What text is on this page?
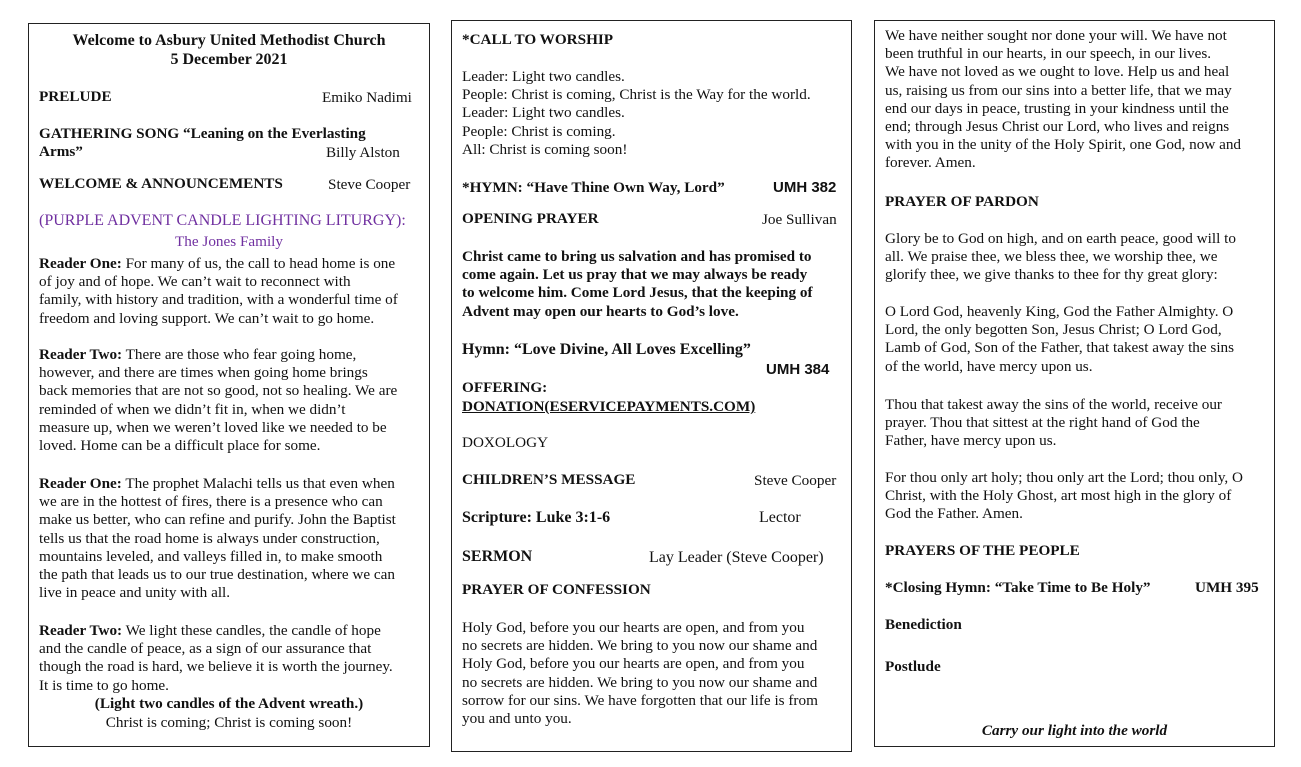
Welcome to Asbury United Methodist Church
5 December 2021
PRELUDE	Emiko Nadimi
GATHERING SONG “Leaning on the Everlasting
Arms”	Billy Alston
WELCOME & ANNOUNCEMENTS	Steve Cooper
(PURPLE ADVENT CANDLE LIGHTING LITURGY):
The Jones Family
Reader One: For many of us, the call to head home is one
of joy and of hope. We can’t wait to reconnect with
family, with history and tradition, with a wonderful time of
freedom and loving support. We can’t wait to go home.
Reader Two: There are those who fear going home,
however, and there are times when going home brings
back memories that are not so good, not so healing. We are
reminded of when we didn’t fit in, when we didn’t
measure up, when we weren’t loved like we needed to be
loved. Home can be a difficult place for some.
Reader One: The prophet Malachi tells us that even when
we are in the hottest of fires, there is a presence who can
make us better, who can refine and purify. John the Baptist
tells us that the road home is always under construction,
mountains leveled, and valleys filled in, to make smooth
the path that leads us to our true destination, where we can
live in peace and unity with all.
Reader Two: We light these candles, the candle of hope
and the candle of peace, as a sign of our assurance that
though the road is hard, we believe it is worth the journey.
It is time to go home.
(Light two candles of the Advent wreath.)
Christ is coming; Christ is coming soon!
*CALL TO WORSHIP
Leader: Light two candles.
People: Christ is coming, Christ is the Way for the world.
Leader: Light two candles.
People: Christ is coming.
All: Christ is coming soon!
*HYMN: “Have Thine Own Way, Lord”	UMH 382
OPENING PRAYER	Joe Sullivan
Christ came to bring us salvation and has promised to
come again. Let us pray that we may always be ready
to welcome him. Come Lord Jesus, that the keeping of
Advent may open our hearts to God’s love.
Hymn: “Love Divine, All Loves Excelling”
UMH 384
OFFERING:
DONATION(ESERVICEPAYMENTS.COM)
DOXOLOGY
CHILDREN’S MESSAGE	Steve Cooper
Scripture: Luke 3:1-6	Lector
SERMON	Lay Leader (Steve Cooper)
PRAYER OF CONFESSION
Holy God, before you our hearts are open, and from you
no secrets are hidden. We bring to you now our shame and
Holy God, before you our hearts are open, and from you
no secrets are hidden. We bring to you now our shame and
sorrow for our sins. We have forgotten that our life is from
you and unto you.
We have neither sought nor done your will. We have not
been truthful in our hearts, in our speech, in our lives.
We have not loved as we ought to love. Help us and heal
us, raising us from our sins into a better life, that we may
end our days in peace, trusting in your kindness until the
end; through Jesus Christ our Lord, who lives and reigns
with you in the unity of the Holy Spirit, one God, now and
forever. Amen.
PRAYER OF PARDON
Glory be to God on high, and on earth peace, good will to
all. We praise thee, we bless thee, we worship thee, we
glorify thee, we give thanks to thee for thy great glory:
O Lord God, heavenly King, God the Father Almighty. O
Lord, the only begotten Son, Jesus Christ; O Lord God,
Lamb of God, Son of the Father, that takest away the sins
of the world, have mercy upon us.
Thou that takest away the sins of the world, receive our
prayer. Thou that sittest at the right hand of God the
Father, have mercy upon us.
For thou only art holy; thou only art the Lord; thou only, O
Christ, with the Holy Ghost, art most high in the glory of
God the Father. Amen.
PRAYERS OF THE PEOPLE
*Closing Hymn: “Take Time to Be Holy”	UMH 395
Benediction
Postlude
Carry our light into the world
